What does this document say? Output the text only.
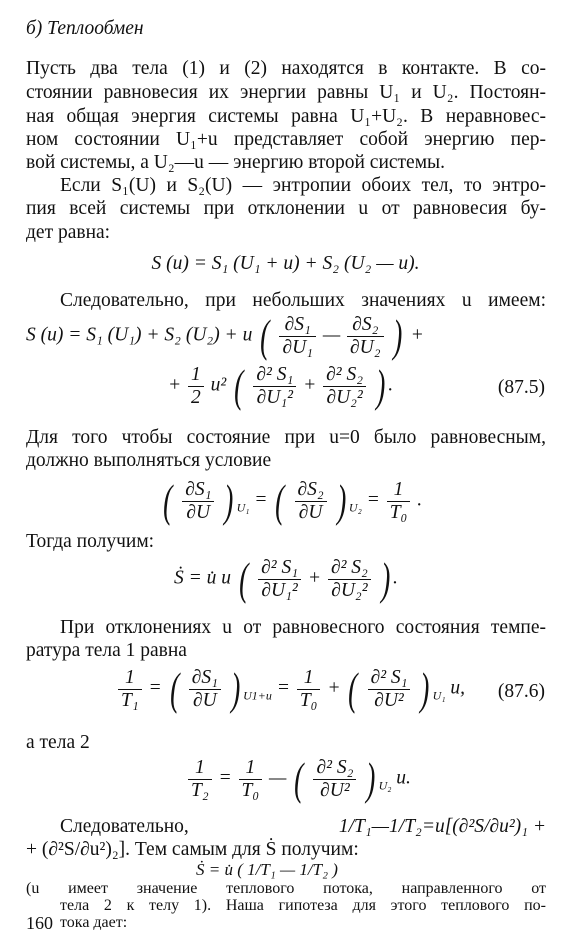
б) Теплообмен
Пусть два тела (1) и (2) находятся в контакте. В со-
стоянии равновесия их энергии равны U₁ и U₂. Постоян-
ная общая энергия системы равна U₁+U₂. В неравновес-
ном состоянии U₁+u представляет собой энергию пер-
вой системы, а U₂—u — энергию второй системы.
Если S₁(U) и S₂(U) — энтропии обоих тел, то энтро-
пия всей системы при отклонении u от равновесия бу-
дет равна:
S (u) = S₁ (U₁ + u) + S₂ (U₂ — u).
Следовательно, при небольших значениях u имеем:
S (u) = S₁ (U₁) + S₂ (U₂) + u ( $\frac{\text{∂S₁}}{\text{∂U₁}}$ — $\frac{\text{∂S₂}}{\text{∂U₂}}$ ) +
+ $\frac{1}{2} u^2$ ( $\frac{\text{∂² S₁}}{\text{∂U₁²}} + \frac{\text{∂² S₂}}{\text{∂U₂²}}$ ) .	(87.5)
Для того чтобы состояние при u=0 было равновесным,
должно выполняться условие
( $\frac{\text{∂S₁}}{\partial U}$ ) $_{U_1}$ = ( $\frac{\text{∂S₂}}{\partial U}$ ) $_{U_2} = \frac{1}{\text{T₀}}$ .
Тогда получим:
Ṡ = u̇ u ( $\frac{\text{∂² S₁}}{\text{∂U₁²}} + \frac{\text{∂² S₂}}{\text{∂U₂²}}$ ) .
При отклонениях u от равновесного состояния темпе-
ратура тела 1 равна
$\frac{1}{\text{T₁}}$ = ( $\frac{\text{∂S₁}}{\partial U}$ ) $_{U1+u} = \frac{1}{\text{T₀}}$ + ( $\frac{\text{∂² S₁}}{\text{∂U²}}$ ) $_{U_1}$ u, (87.6)
а тела 2
$\frac{1}{\text{T₂}} = \frac{1}{\text{T₀}}$ — ( $\frac{\text{∂² S₂}}{\text{∂U²}}$ ) $_{U_2}$ u.
Следовательно,	1/T₁—1/T₂=u[(∂²S/∂u²)₁ +
+ (∂²S/∂u²)₂]. Тем самым для Ṡ получим:
Ṡ = u̇ ( 1/T₁ — 1/T₂ )
(u имеет значение теплового потока, направленного от
тела 2 к телу 1). Наша гипотеза для этого теплового по-
тока дает:
160
